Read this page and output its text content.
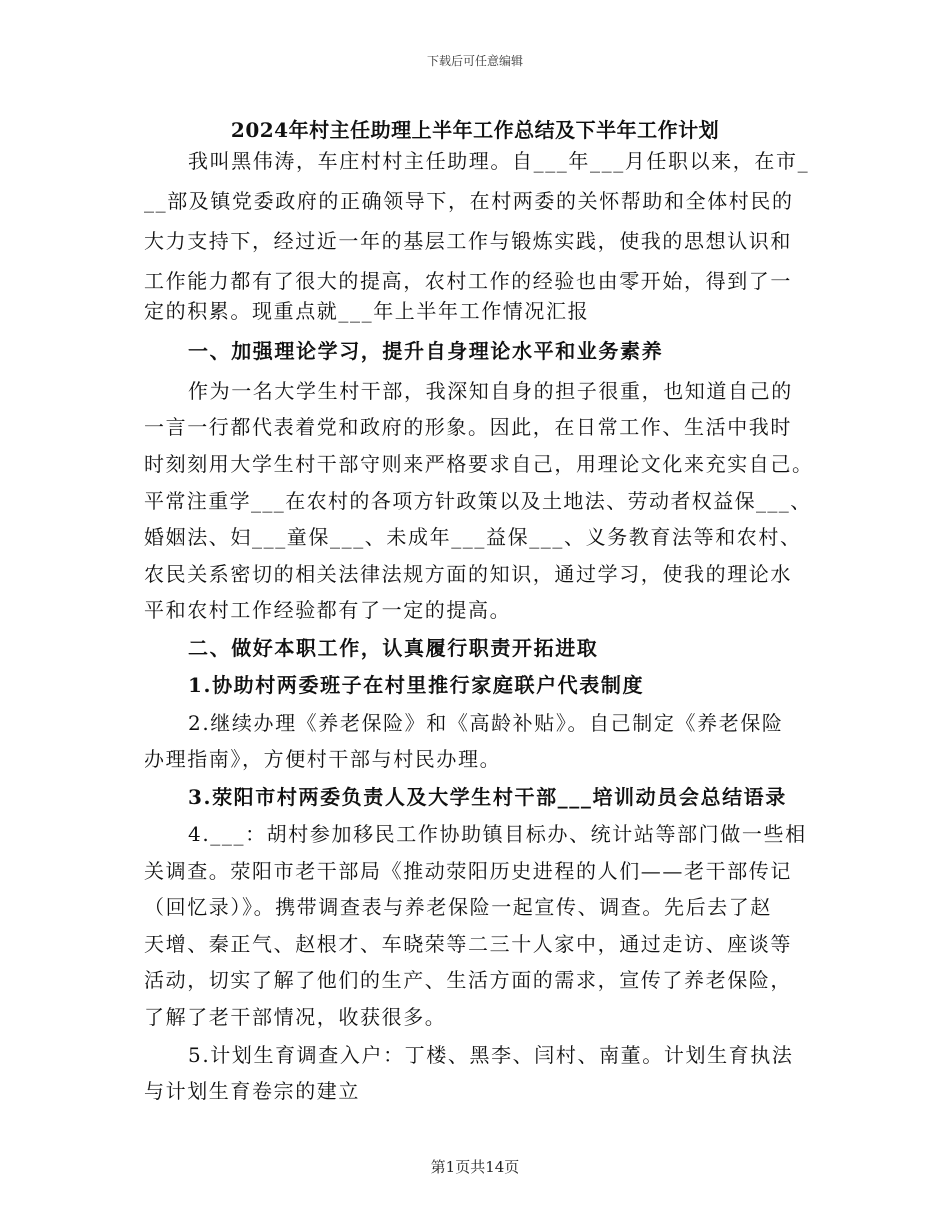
下载后可任意编辑
2024年村主任助理上半年工作总结及下半年工作计划
我叫黑伟涛，车庄村村主任助理。自___年___月任职以来，在市_
__部及镇党委政府的正确领导下，在村两委的关怀帮助和全体村民的
大力支持下，经过近一年的基层工作与锻炼实践，使我的思想认识和
工作能力都有了很大的提高，农村工作的经验也由零开始，得到了一
定的积累。现重点就___年上半年工作情况汇报
一、加强理论学习，提升自身理论水平和业务素养
作为一名大学生村干部，我深知自身的担子很重，也知道自己的
一言一行都代表着党和政府的形象。因此，在日常工作、生活中我时
时刻刻用大学生村干部守则来严格要求自己，用理论文化来充实自己。
平常注重学___在农村的各项方针政策以及土地法、劳动者权益保___、
婚姻法、妇___童保___、未成年___益保___、义务教育法等和农村、
农民关系密切的相关法律法规方面的知识，通过学习，使我的理论水
平和农村工作经验都有了一定的提高。
二、做好本职工作，认真履行职责开拓进取
1.协助村两委班子在村里推行家庭联户代表制度
2.继续办理《养老保险》和《高龄补贴》。自己制定《养老保险
办理指南》，方便村干部与村民办理。
3.荥阳市村两委负责人及大学生村干部___培训动员会总结语录
4.___：胡村参加移民工作协助镇目标办、统计站等部门做一些相
关调查。荥阳市老干部局《推动荥阳历史进程的人们——老干部传记
（回忆录）》。携带调查表与养老保险一起宣传、调查。先后去了赵
天增、秦正气、赵根才、车晓荣等二三十人家中，通过走访、座谈等
活动，切实了解了他们的生产、生活方面的需求，宣传了养老保险，
了解了老干部情况，收获很多。
5.计划生育调查入户：丁楼、黑李、闫村、南董。计划生育执法
与计划生育卷宗的建立
第1页共14页
